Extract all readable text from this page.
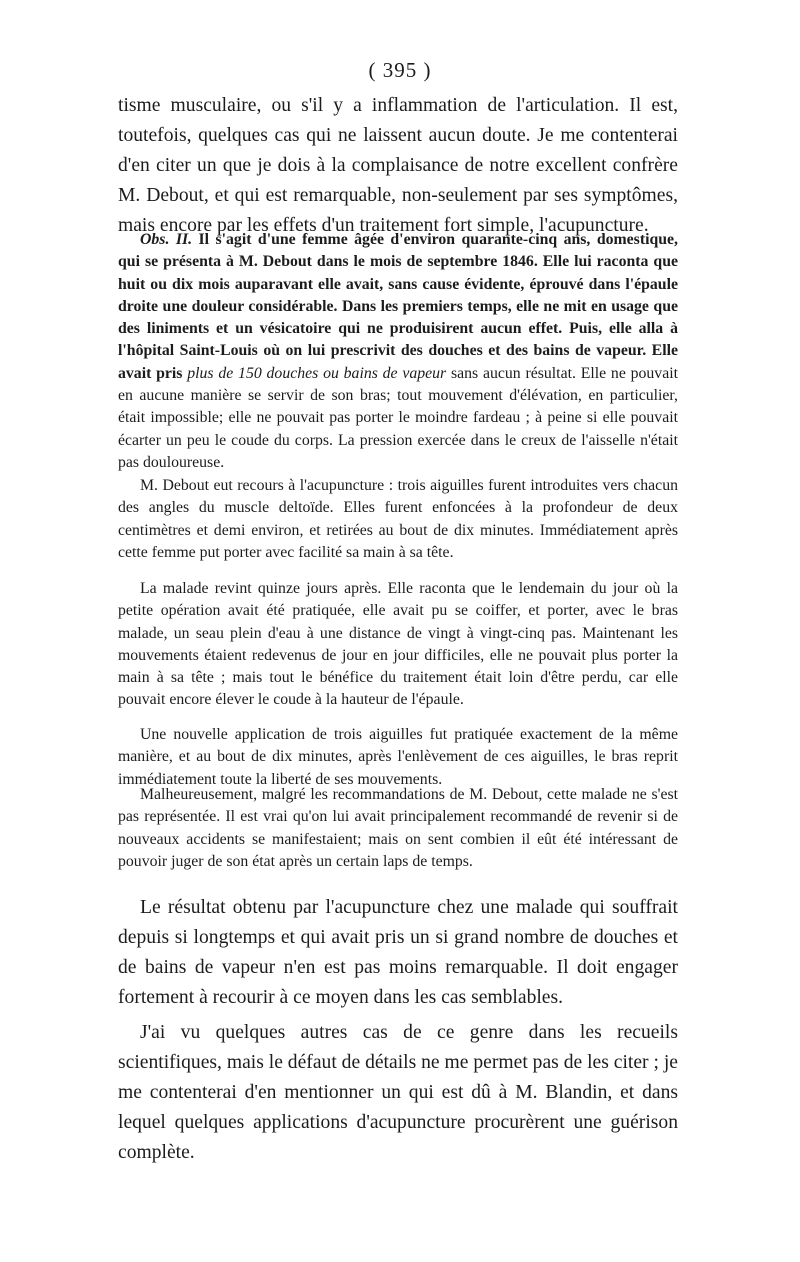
( 395 )

tisme musculaire, ou s'il y a inflammation de l'articulation. Il est, toutefois, quelques cas qui ne laissent aucun doute. Je me contenterai d'en citer un que je dois à la complaisance de notre excellent confrère M. Debout, et qui est remarquable, non-seulement par ses symptômes, mais encore par les effets d'un traitement fort simple, l'acupuncture.

Obs. II. Il s'agit d'une femme âgée d'environ quarante-cinq ans, domestique, qui se présenta à M. Debout dans le mois de septembre 1846. Elle lui raconta que huit ou dix mois auparavant elle avait, sans cause évidente, éprouvé dans l'épaule droite une douleur considérable. Dans les premiers temps, elle ne mit en usage que des liniments et un vésicatoire qui ne produisirent aucun effet. Puis, elle alla à l'hôpital Saint-Louis où on lui prescrivit des douches et des bains de vapeur. Elle avait pris plus de 150 douches ou bains de vapeur sans aucun résultat. Elle ne pouvait en aucune manière se servir de son bras; tout mouvement d'élévation, en particulier, était impossible; elle ne pouvait pas porter le moindre fardeau ; à peine si elle pouvait écarter un peu le coude du corps. La pression exercée dans le creux de l'aisselle n'était pas douloureuse.

M. Debout eut recours à l'acupuncture : trois aiguilles furent introduites vers chacun des angles du muscle deltoïde. Elles furent enfoncées à la profondeur de deux centimètres et demi environ, et retirées au bout de dix minutes. Immédiatement après cette femme put porter avec facilité sa main à sa tête.

La malade revint quinze jours après. Elle raconta que le lendemain du jour où la petite opération avait été pratiquée, elle avait pu se coiffer, et porter, avec le bras malade, un seau plein d'eau à une distance de vingt à vingt-cinq pas. Maintenant les mouvements étaient redevenus de jour en jour difficiles, elle ne pouvait plus porter la main à sa tête ; mais tout le bénéfice du traitement était loin d'être perdu, car elle pouvait encore élever le coude à la hauteur de l'épaule.

Une nouvelle application de trois aiguilles fut pratiquée exactement de la même manière, et au bout de dix minutes, après l'enlèvement de ces aiguilles, le bras reprit immédiatement toute la liberté de ses mouvements.

Malheureusement, malgré les recommandations de M. Debout, cette malade ne s'est pas représentée. Il est vrai qu'on lui avait principalement recommandé de revenir si de nouveaux accidents se manifestaient; mais on sent combien il eût été intéressant de pouvoir juger de son état après un certain laps de temps.

Le résultat obtenu par l'acupuncture chez une malade qui souffrait depuis si longtemps et qui avait pris un si grand nombre de douches et de bains de vapeur n'en est pas moins remarquable. Il doit engager fortement à recourir à ce moyen dans les cas semblables.

J'ai vu quelques autres cas de ce genre dans les recueils scientifiques, mais le défaut de détails ne me permet pas de les citer ; je me contenterai d'en mentionner un qui est dû à M. Blandin, et dans lequel quelques applications d'acupuncture procurèrent une guérison complète.
